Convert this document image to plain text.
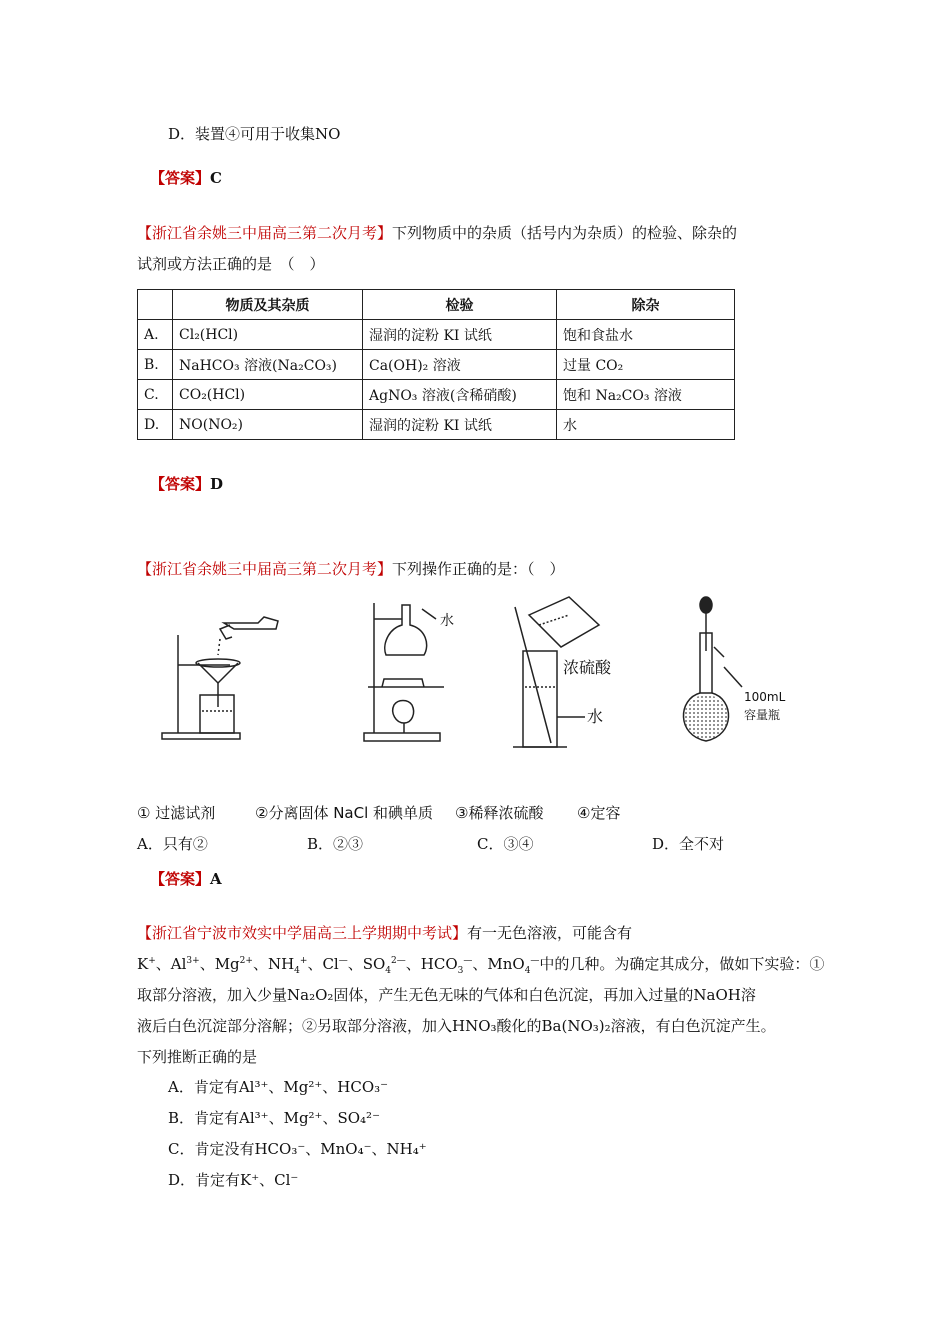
D．装置④可用于收集NO
【答案】C
【浙江省余姚三中届高三第二次月考】下列物质中的杂质（括号内为杂质）的检验、除杂的
试剂或方法正确的是　（　）
	物质及其杂质	检验	除杂
A.	Cl₂(HCl)	湿润的淀粉 KI 试纸	饱和食盐水
B.	NaHCO₃ 溶液(Na₂CO₃)	Ca(OH)₂ 溶液	过量 CO₂
C.	CO₂(HCl)	AgNO₃ 溶液(含稀硝酸)	饱和 Na₂CO₃ 溶液
D.	NO(NO₂)	湿润的淀粉 KI 试纸	水
【答案】D
【浙江省余姚三中届高三第二次月考】下列操作正确的是：（　）
水
浓硫酸
水
100mL
容量瓶
① 过滤试剂	②分离固体 NaCl 和碘单质 ③稀释浓硫酸 ④定容
A．只有②	B．②③	C．③④	D．全不对
【答案】A
【浙江省宁波市效实中学届高三上学期期中考试】有一无色溶液，可能含有
K+、$Al^{3+}$、$Mg^{2+}$、$NH_4^+$、Cl—、$SO_4^{2—}$、$HCO_3^—$、MnO$_4$—中的几种。为确定其成分，做如下实验：①
取部分溶液，加入少量Na₂O₂固体，产生无色无味的气体和白色沉淀，再加入过量的NaOH溶
液后白色沉淀部分溶解；②另取部分溶液，加入HNO₃酸化的Ba(NO₃)₂溶液，有白色沉淀产生。
下列推断正确的是
A．肯定有Al³⁺、Mg²⁺、HCO₃⁻
B．肯定有Al³⁺、Mg²⁺、SO₄²⁻
C．肯定没有HCO₃⁻、MnO₄⁻、NH₄⁺
D．肯定有K⁺、Cl⁻
